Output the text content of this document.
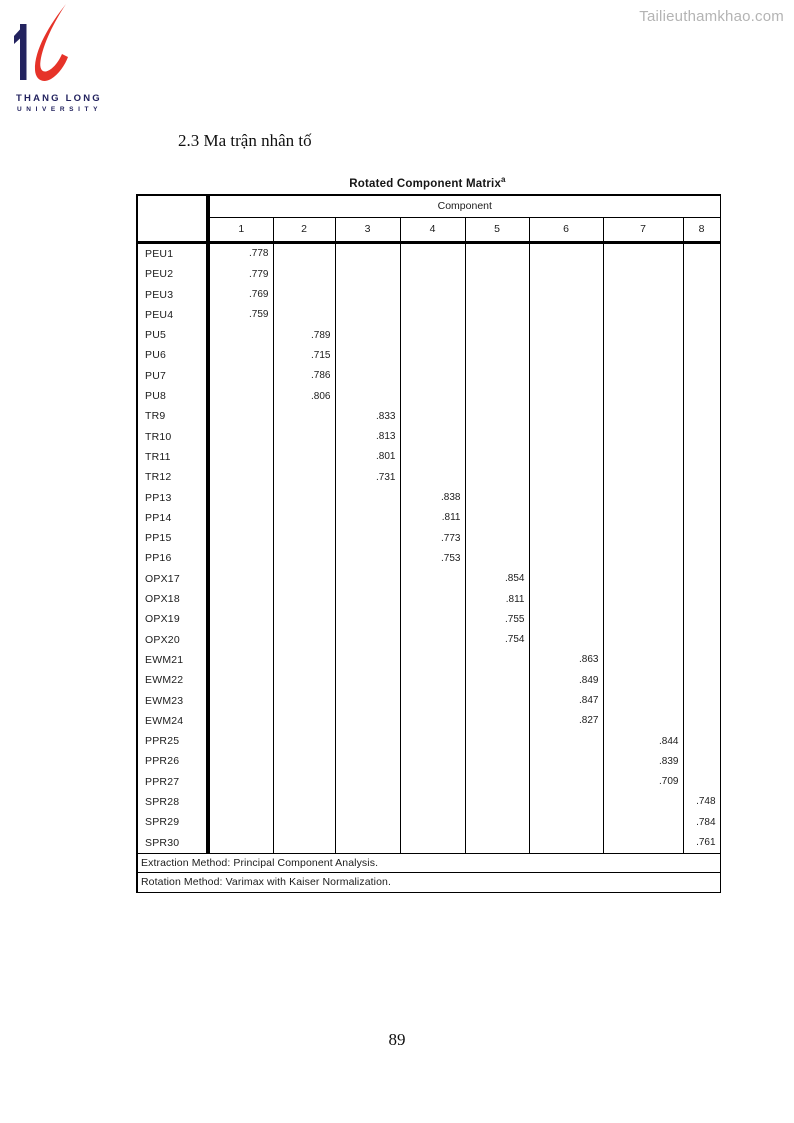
THANG LONG
UNIVERSITY
Tailieuthamkhao.com
2.3 Ma trận nhân tố
Rotated Component Matrix$^a$
	Component							
	1	2	3	4	5	6	7	8
PEU1	.778							
PEU2	.779							
PEU3	.769							
PEU4	.759							
PU5		.789						
PU6		.715						
PU7		.786						
PU8		.806						
TR9			.833					
TR10			.813					
TR11			.801					
TR12			.731					
PP13				.838				
PP14				.811				
PP15				.773				
PP16				.753				
OPX17					.854			
OPX18					.811			
OPX19					.755			
OPX20					.754			
EWM21						.863		
EWM22						.849		
EWM23						.847		
EWM24						.827		
PPR25							.844	
PPR26							.839	
PPR27							.709	
SPR28								.748
SPR29								.784
SPR30								.761
Extraction Method: Principal Component Analysis.								
Rotation Method: Varimax with Kaiser Normalization.								
89
